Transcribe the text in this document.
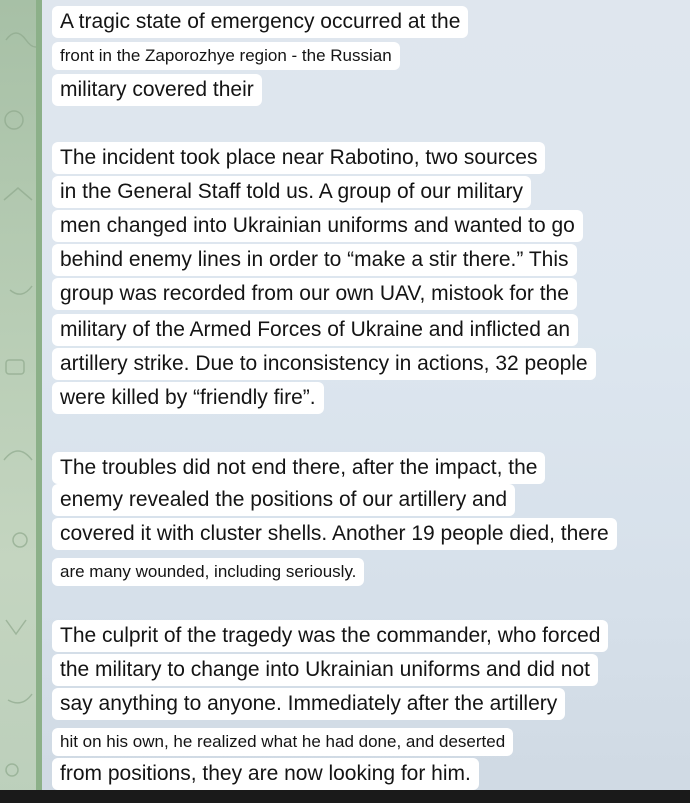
A tragic state of emergency occurred at the
front in the Zaporozhye region - the Russian
military covered their
The incident took place near Rabotino, two sources
in the General Staff told us. A group of our military
men changed into Ukrainian uniforms and wanted to go
behind enemy lines in order to “make a stir there.” This
group was recorded from our own UAV, mistook for the
military of the Armed Forces of Ukraine and inflicted an
artillery strike. Due to inconsistency in actions, 32 people
were killed by “friendly fire”.
The troubles did not end there, after the impact, the
enemy revealed the positions of our artillery and
covered it with cluster shells. Another 19 people died, there
are many wounded, including seriously.
The culprit of the tragedy was the commander, who forced
the military to change into Ukrainian uniforms and did not
say anything to anyone. Immediately after the artillery
hit on his own, he realized what he had done, and deserted
from positions, they are now looking for him.
